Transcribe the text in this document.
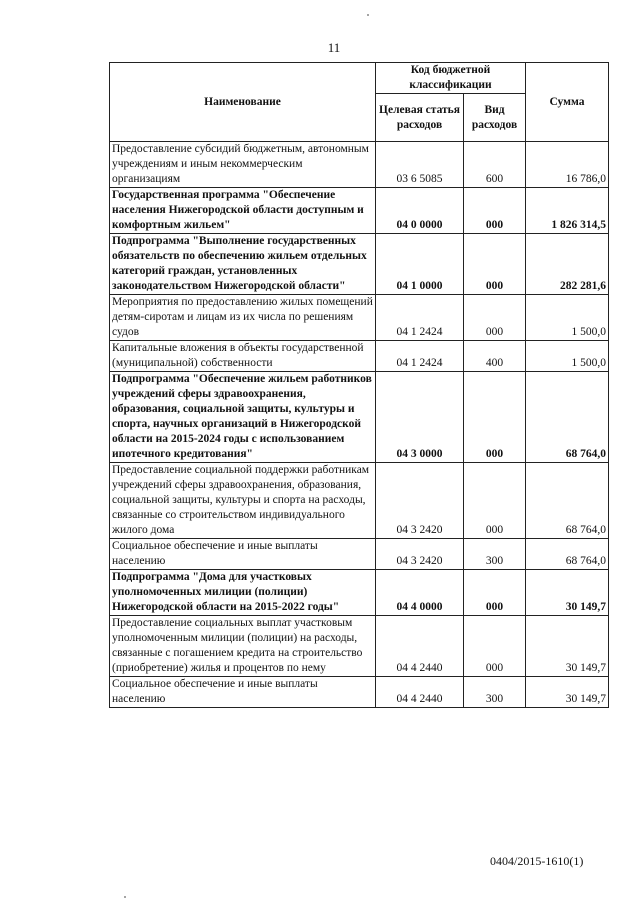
11
Наименование	Код бюджетной классификации		Сумма
	Целевая статья расходов	Вид расходов	
Предоставление субсидий бюджетным, автономным учреждениям и иным некоммерческим организациям	03 6 5085	600	16 786,0
Государственная программа "Обеспечение населения Нижегородской области доступным и комфортным жильем"	04 0 0000	000	1 826 314,5
Подпрограмма "Выполнение государственных обязательств по обеспечению жильем отдельных категорий граждан, установленных законодательством Нижегородской области"	04 1 0000	000	282 281,6
Мероприятия по предоставлению жилых помещений детям-сиротам и лицам из их числа по решениям судов	04 1 2424	000	1 500,0
Капитальные вложения в объекты государственной (муниципальной) собственности	04 1 2424	400	1 500,0
Подпрограмма "Обеспечение жильем работников учреждений сферы здравоохранения, образования, социальной защиты, культуры и спорта, научных организаций в Нижегородской области на 2015-2024 годы с использованием ипотечного кредитования"	04 3 0000	000	68 764,0
Предоставление социальной поддержки работникам учреждений сферы здравоохранения, образования, социальной защиты, культуры и спорта на расходы, связанные со строительством индивидуального жилого дома	04 3 2420	000	68 764,0
Социальное обеспечение и иные выплаты населению	04 3 2420	300	68 764,0
Подпрограмма "Дома для участковых уполномоченных милиции (полиции) Нижегородской области на 2015-2022 годы"	04 4 0000	000	30 149,7
Предоставление социальных выплат участковым уполномоченным милиции (полиции) на расходы, связанные с погашением кредита на строительство (приобретение) жилья и процентов по нему	04 4 2440	000	30 149,7
Социальное обеспечение и иные выплаты населению	04 4 2440	300	30 149,7
0404/2015-1610(1)
